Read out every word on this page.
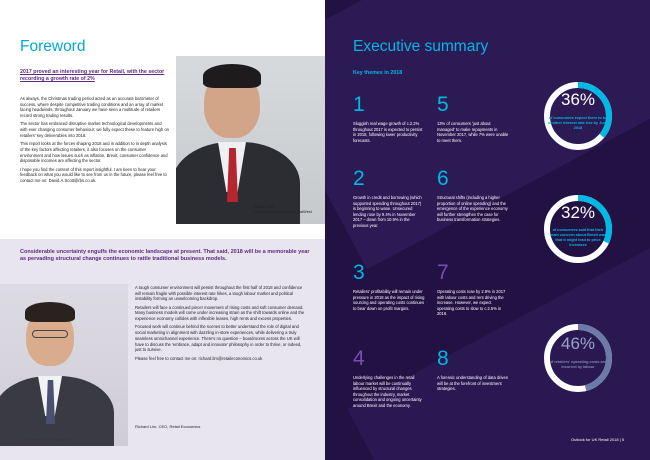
Foreword
2017 proved an interesting year for Retail, with the sector recording a growth rate of 2%

As always, the Christmas trading period acted as an accurate barometer of success, where despite competitive trading conditions and an array of market facing headwinds, throughout January we have seen a multitude of retailers record strong trading results.

The sector has embraced disruptive market technological developments and with ever changing consumer behaviour; we fully expect these to feature high on retailers' key deliverables into 2018.

This report looks at the forces shaping 2018 and in addition to in depth analysis of the key factors affecting retailers, it also focuses on the consumer environment and how issues such as inflation, Brexit, consumer confidence and disposable incomes are affecting the sector.

I hope you find the content of this report insightful. I am keen to hear your feedback on what you would like to see from us in the future, please feel free to contact me on: David.A.Scott@rbs.co.uk.

Considerable uncertainty engulfs the economic landscape at present. That said, 2018 will be a memorable year as pervading structural change continues to rattle traditional business models.

A tough consumer environment will persist throughout the first half of 2018 and confidence will remain fragile with possible interest rate hikes, a tough labour market and political instability forming an unwelcoming backdrop.

Retailers will face a continued pincer movement of rising costs and soft consumer demand. Many business models will come under increasing strain as the shift towards online and the experience economy collides with inflexible leases, high rents and excess properties.

Focused work will continue behind the scenes to better understand the role of digital and social marketing in alignment with dazzling in-store experiences, while delivering a truly seamless omnichannel experience. There's no question – boardrooms across the UK will have to discuss the 'embrace, adapt and innovate' philosophy in order to thrive, or indeed, just to survive.

Please feel free to contact me on: richard.lim@retaileconomics.co.uk

Richard Lim, CEO, Retail Economics
4 | Outlook for UK Retail 2018
David Scott,
Head of Retail & Leisure, NatWest
Executive summary
Key themes in 2018
1
Sluggish real wage growth of c.2.2% throughout 2017 is expected to persist in 2018, following lower productivity forecasts.
5
13% of consumers 'just about managed' to make repayments in November 2017, while 7% were unable to meet them.
2
Growth in credit and borrowing (which supported spending throughout 2017) is beginning to wane. Unsecured lending rose by 9.4% in November 2017 – down from 10.9% in the previous year.
6
Structural shifts (including a higher proportion of online spending) and the emergence of the experience economy will further strengthen the case for business transformation strategies.
3
Retailers' profitability will remain under pressure in 2018 as the impact of rising sourcing and operating costs continues to bear down on profit margins.
7
Operating costs rose by 2.9% in 2017 with labour costs and rent driving the increase. However, we expect operating costs to slow to c.2.5% in 2018.
4
Underlying challenges in the retail labour market will be continually influenced by structural changes throughout the industry, market consolidation and ongoing uncertainty around Brexit and the economy.
8
A forensic understanding of data driven will be at the forefront of investment strategies.
36%
of consumers expect there to be another interest rate rise by June 2018
32%
of consumers said that their main concern about Brexit was that it might lead to price increases
46%
of retailers' operating costs are incurred by labour
Outlook for UK Retail 2018 | 5
